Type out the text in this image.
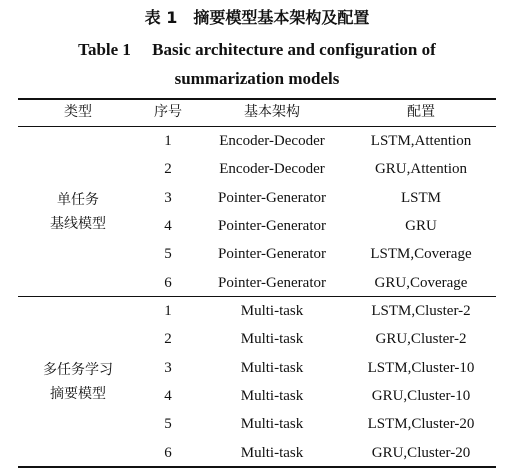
表 1　摘要模型基本架构及配置
Table 1　 Basic architecture and configuration of
summarization models
类型	序号	基本架构	配置
单任务
基线模型
1	Encoder-Decoder	LSTM,Attention
2	Encoder-Decoder	GRU,Attention
3	Pointer-Generator	LSTM
4	Pointer-Generator	GRU
5	Pointer-Generator	LSTM,Coverage
6	Pointer-Generator	GRU,Coverage
多任务学习
摘要模型
1	Multi-task	LSTM,Cluster-2
2	Multi-task	GRU,Cluster-2
3	Multi-task	LSTM,Cluster-10
4	Multi-task	GRU,Cluster-10
5	Multi-task	LSTM,Cluster-20
6	Multi-task	GRU,Cluster-20
